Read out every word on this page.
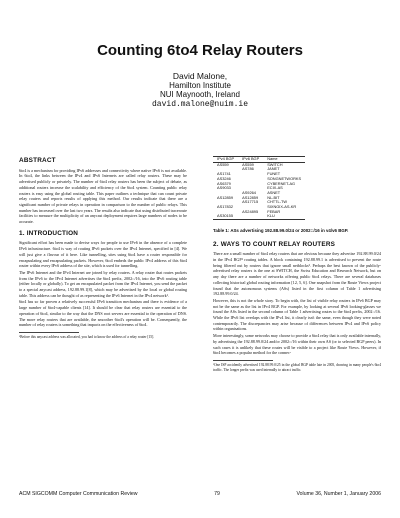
Counting 6to4 Relay Routers
David Malone,
Hamilton Institute
NUI Maynooth, Ireland
david.malone@nuim.ie
ABSTRACT

6to4 is a mechanism for providing IPv6 addresses and connectivity where native IPv6 is not available. In 6to4, the links between the IPv4 and IPv6 Internets are called relay routers. These may be advertised publicly or privately. The number of 6to4 relay routers has been the subject of debate, as additional routers increase the scalability and efficiency of the 6to4 system. Counting public relay routers is easy using the global routing table. This paper outlines a technique that can count private relay routers and reports results of applying this method. Our results indicate that there are a significant number of private relays in operation in comparison to the number of public relays. This number has increased over the last two years. The results also indicate that using distributed traceroute facilities to measure the multiplicity of an anycast deployment requires large numbers of nodes to be accurate.

1. INTRODUCTION

Significant effort has been made to devise ways for people to use IPv6 in the absence of a complete IPv6 infrastructure. 6to4 is way of routing IPv6 packets over the IPv4 Internet, specified in [4]. We will just give a flavour of it here. Like tunnelling, sites using 6to4 have a router responsible for encapsulating and encapsulating packets. However, 6to4 embeds the public IPv4 address of this 6to4 router within every IPv6 address of the site, which is used for tunnelling.

The IPv6 Internet and the IPv4 Internet are joined by relay routers. A relay router that routes packets from the IPv6 to the IPv4 Internet advertises the 6to4 prefix, 2002::/16, into the IPv6 routing table (either locally or globally). To get an encapsulated packet from the IPv4 Internet, you send the packet to a special anycast address, 192.88.99.1[8], which may be advertised by the local or global routing table. This address can be thought of as representing the IPv6 Internet in the IPv4 network¹.

6to4 has so far proven a relatively successful IPv6 transition mechanism and there is evidence of a large number of 6to4-capable clients [14]. It should be clear that relay routers are essential to the operation of 6to4, similar to the way that the DNS root servers are essential to the operation of DNS. The more relay routers that are available, the smoother 6to4's operation will be. Consequently, the number of relay routers is something that impacts on the effectiveness of 6to4.

¹Before this anycast address was allocated, you had to know the address of a relay router [15].

IPv4 BGP	IPv6 BGP	Name
AS559	AS559	SWITCH
	AS786	JANET
AS1741		FUNET
AS3246		SONGNETWORKS
AS6379		CYBERNET-AG
AS9033		ECIX-AS
	AS9264	ASNET
AS12859	AS12859	NL-BIT
	AS17715	CHTTL-TW
AS17832		SIXNGIX-AS-KR
	AS24895	FEBAR
AS30155		KLU
Table 1: ASs advertising 192.88.99.0/24 or 2002::/16 in v4/v6 BGP.
2. WAYS TO COUNT RELAY ROUTERS

There are a small number of 6to4 relay routers that are obvious because they advertise 192.88.99.0/24 in the IPv4 BGP¹ routing tables. A block containing 192.88.99.1 is advertised to prevent the route being filtered out by routers that ignore small netblocks². Perhaps the best known of the publicly-advertised relay routers is the one at SWITCH, the Swiss Education and Research Network, but on any day there are a number of networks offering public 6to4 relays. There are several databases collecting historical global routing information [12, 5, 6]. One snapshot from the Route Views project found that the autonomous systems (ASs) listed in the first column of Table 1 advertising 192.88.99.0/24.

However, this is not the whole story. To begin with, the list of visible relay routers in IPv6 BGP may not be the same as the list in IPv4 BGP. For example, by looking at several IPv6 looking-glasses we found the ASs listed in the second column of Table 1 advertising routes to the 6to4 prefix, 2002::/16. While the IPv6 list overlaps with the IPv4 list, it clearly isn't the same, even though they were noted contemporarily. The discrepancies may arise because of differences between IPv4 and IPv6 policy within organisations.

More interestingly, some networks may choose to provide a 6to4 relay that is only available internally, by advertising the 192.88.99.0/24 and/or 2002::/16 within their own AS (or to selected BGP peers). In such cases it is unlikely that these routes will be visible to a project like Route Views. However, if 6to4 becomes a popular method for the connec-

²One ISP accidently advertised 192.88.99.0/25 in the global BGP table late in 2005, drawing in many people's 6to4 traffic. The longer prefix was used internally to attract traffic.

ACM SIGCOMM Computer Communication Review	79	Volume 36, Number 1, January 2006
